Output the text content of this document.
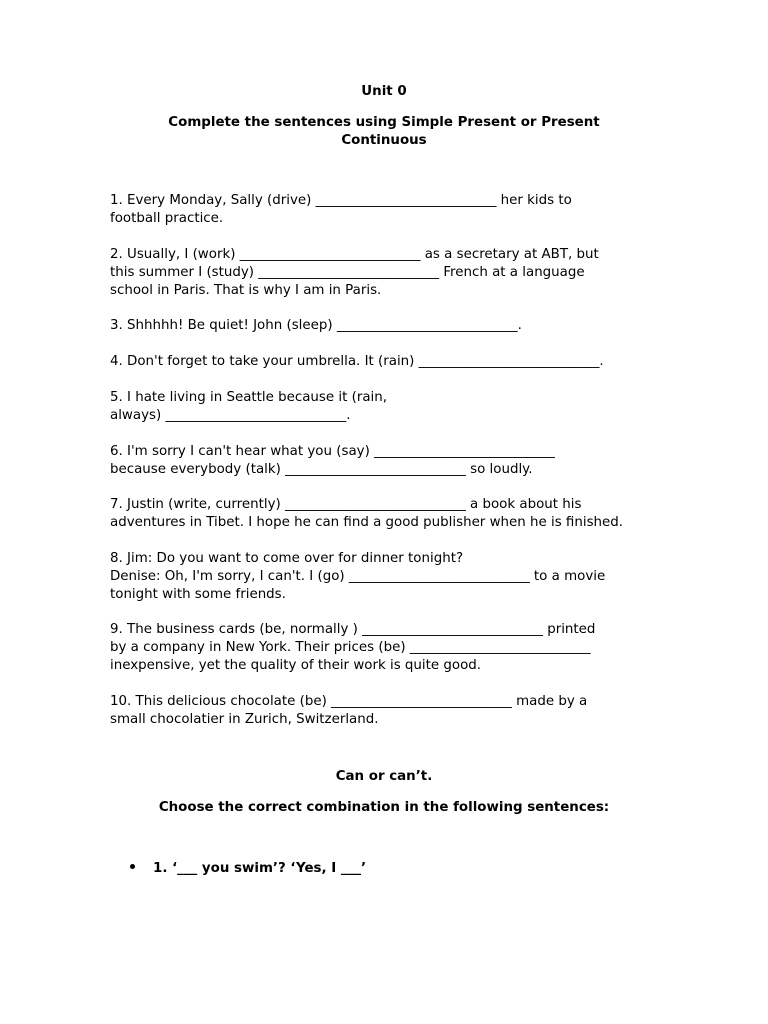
Unit 0
Complete the sentences using Simple Present or Present
Continuous
1. Every Monday, Sally (drive) ___________________________ her kids to
football practice.
2. Usually, I (work) ___________________________ as a secretary at ABT, but
this summer I (study) ___________________________ French at a language
school in Paris. That is why I am in Paris.
3. Shhhhh! Be quiet! John (sleep) ___________________________.
4. Don't forget to take your umbrella. It (rain) ___________________________.
5. I hate living in Seattle because it (rain,
always) ___________________________.
6. I'm sorry I can't hear what you (say) ___________________________
because everybody (talk) ___________________________ so loudly.
7. Justin (write, currently) ___________________________ a book about his
adventures in Tibet. I hope he can find a good publisher when he is finished.
8. Jim: Do you want to come over for dinner tonight?
Denise: Oh, I'm sorry, I can't. I (go) ___________________________ to a movie
tonight with some friends.
9. The business cards (be, normally ) ___________________________ printed
by a company in New York. Their prices (be) ___________________________
inexpensive, yet the quality of their work is quite good.
10. This delicious chocolate (be) ___________________________ made by a
small chocolatier in Zurich, Switzerland.
Can or can’t.
Choose the correct combination in the following sentences:
1. ‘___ you swim’? ‘Yes, I ___’
